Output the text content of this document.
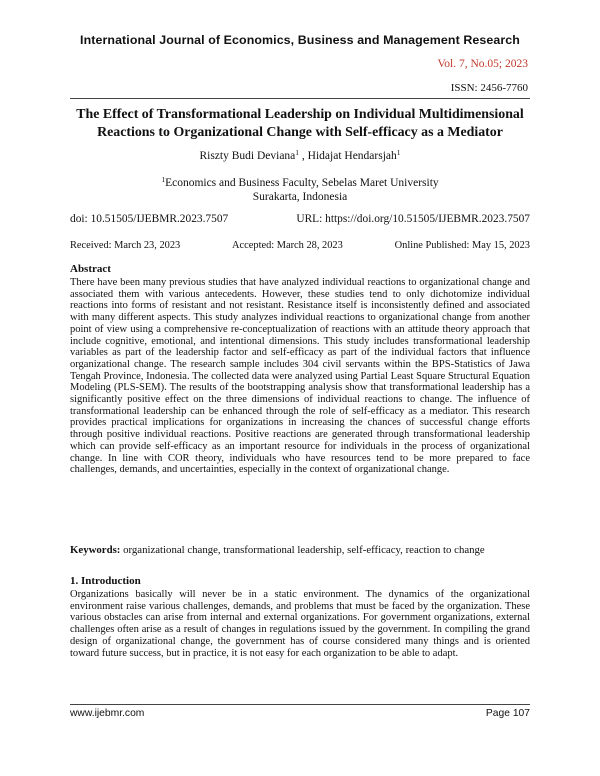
International Journal of Economics, Business and Management Research
Vol. 7, No.05; 2023
ISSN: 2456-7760
The Effect of Transformational Leadership on Individual Multidimensional Reactions to Organizational Change with Self-efficacy as a Mediator
Riszty Budi Deviana$^1$ , Hidajat Hendarsjah$^1$
$^1$Economics and Business Faculty, Sebelas Maret University
Surakarta, Indonesia
doi: 10.51505/IJEBMR.2023.7507	URL: https://doi.org/10.51505/IJEBMR.2023.7507
Received: March 23, 2023	Accepted: March 28, 2023	Online Published: May 15, 2023
Abstract

There have been many previous studies that have analyzed individual reactions to organizational change and associated them with various antecedents. However, these studies tend to only dichotomize individual reactions into forms of resistant and not resistant. Resistance itself is inconsistently defined and associated with many different aspects. This study analyzes individual reactions to organizational change from another point of view using a comprehensive re-conceptualization of reactions with an attitude theory approach that include cognitive, emotional, and intentional dimensions. This study includes transformational leadership variables as part of the leadership factor and self-efficacy as part of the individual factors that influence organizational change. The research sample includes 304 civil servants within the BPS-Statistics of Jawa Tengah Province, Indonesia. The collected data were analyzed using Partial Least Square Structural Equation Modeling (PLS-SEM). The results of the bootstrapping analysis show that transformational leadership has a significantly positive effect on the three dimensions of individual reactions to change. The influence of transformational leadership can be enhanced through the role of self-efficacy as a mediator. This research provides practical implications for organizations in increasing the chances of successful change efforts through positive individual reactions. Positive reactions are generated through transformational leadership which can provide self-efficacy as an important resource for individuals in the process of organizational change. In line with COR theory, individuals who have resources tend to be more prepared to face challenges, demands, and uncertainties, especially in the context of organizational change.

Keywords: organizational change, transformational leadership, self-efficacy, reaction to change
1. Introduction

Organizations basically will never be in a static environment. The dynamics of the organizational environment raise various challenges, demands, and problems that must be faced by the organization. These various obstacles can arise from internal and external organizations. For government organizations, external challenges often arise as a result of changes in regulations issued by the government. In compiling the grand design of organizational change, the government has of course considered many things and is oriented toward future success, but in practice, it is not easy for each organization to be able to adapt.

www.ijebmr.com	Page 107
